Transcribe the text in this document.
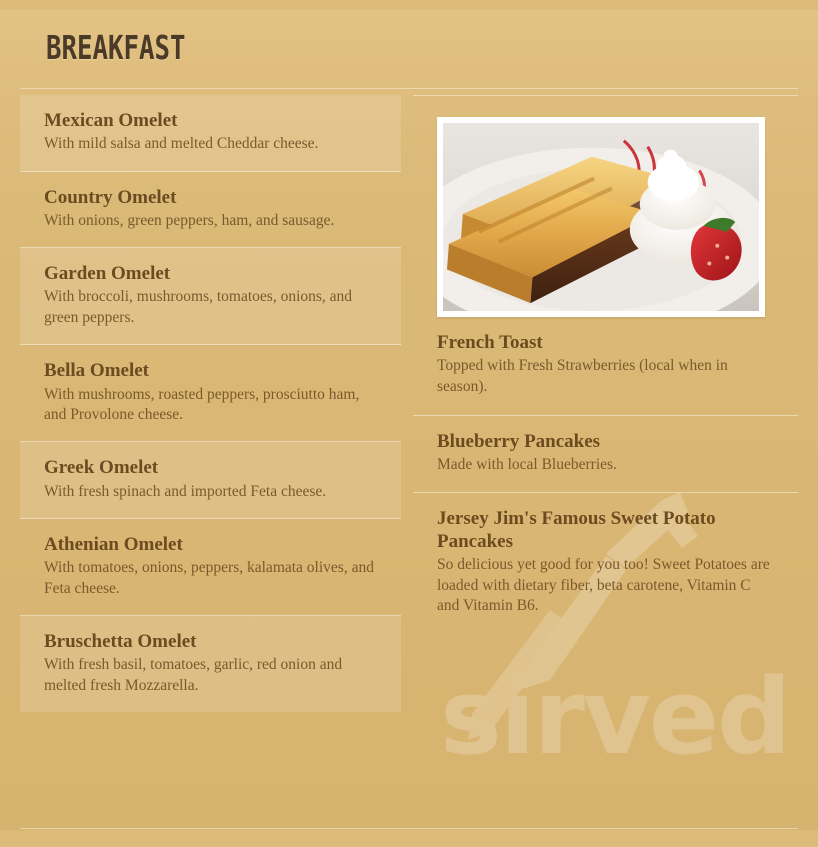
sirved
BREAKFAST
Mexican Omelet
With mild salsa and melted Cheddar cheese.
Country Omelet
With onions, green peppers, ham, and sausage.
Garden Omelet
With broccoli, mushrooms, tomatoes, onions, and green peppers.
Bella Omelet
With mushrooms, roasted peppers, prosciutto ham, and Provolone cheese.
Greek Omelet
With fresh spinach and imported Feta cheese.
Athenian Omelet
With tomatoes, onions, peppers, kalamata olives, and Feta cheese.
Bruschetta Omelet
With fresh basil, tomatoes, garlic, red onion and melted fresh Mozzarella.
French Toast
Topped with Fresh Strawberries (local when in season).
Blueberry Pancakes
Made with local Blueberries.
Jersey Jim's Famous Sweet Potato Pancakes
So delicious yet good for you too! Sweet Potatoes are loaded with dietary fiber, beta carotene, Vitamin C and Vitamin B6.
